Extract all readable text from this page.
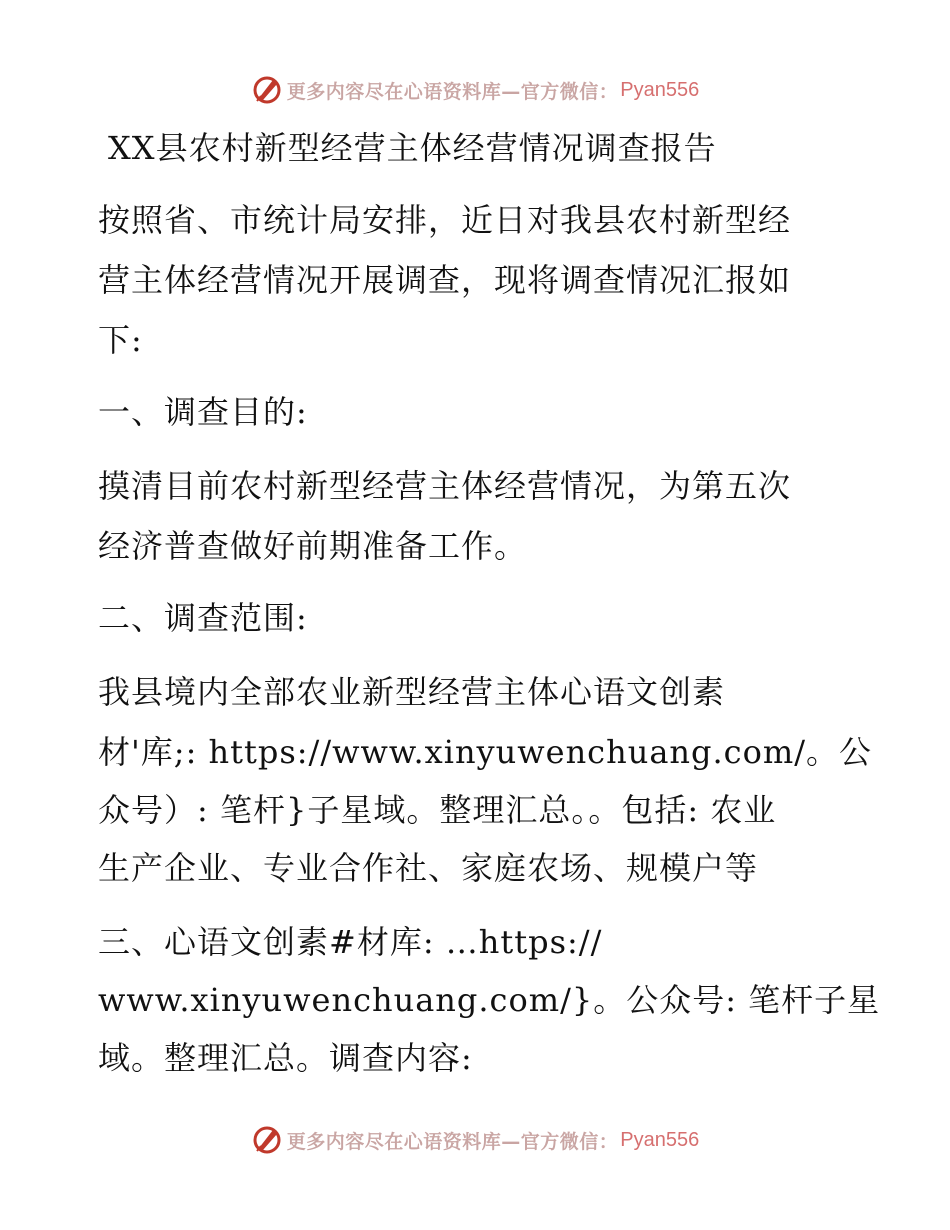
更多内容尽在心语资料库—官方微信： Pyan556
XX县农村新型经营主体经营情况调查报告
按照省、市统计局安排，近日对我县农村新型经
营主体经营情况开展调查，现将调查情况汇报如
下:
一、调查目的:
摸清目前农村新型经营主体经营情况，为第五次
经济普查做好前期准备工作。
二、调查范围:
我县境内全部农业新型经营主体心语文创素
材'库;: https://www.xinyuwenchuang.com/。公
众号）: 笔杆}子星域。整理汇总。。包括: 农业
生产企业、专业合作社、家庭农场、规模户等
三、心语文创素#材库: …https://
www.xinyuwenchuang.com/}。公众号: 笔杆子星
域。整理汇总。调查内容:
更多内容尽在心语资料库—官方微信： Pyan556
